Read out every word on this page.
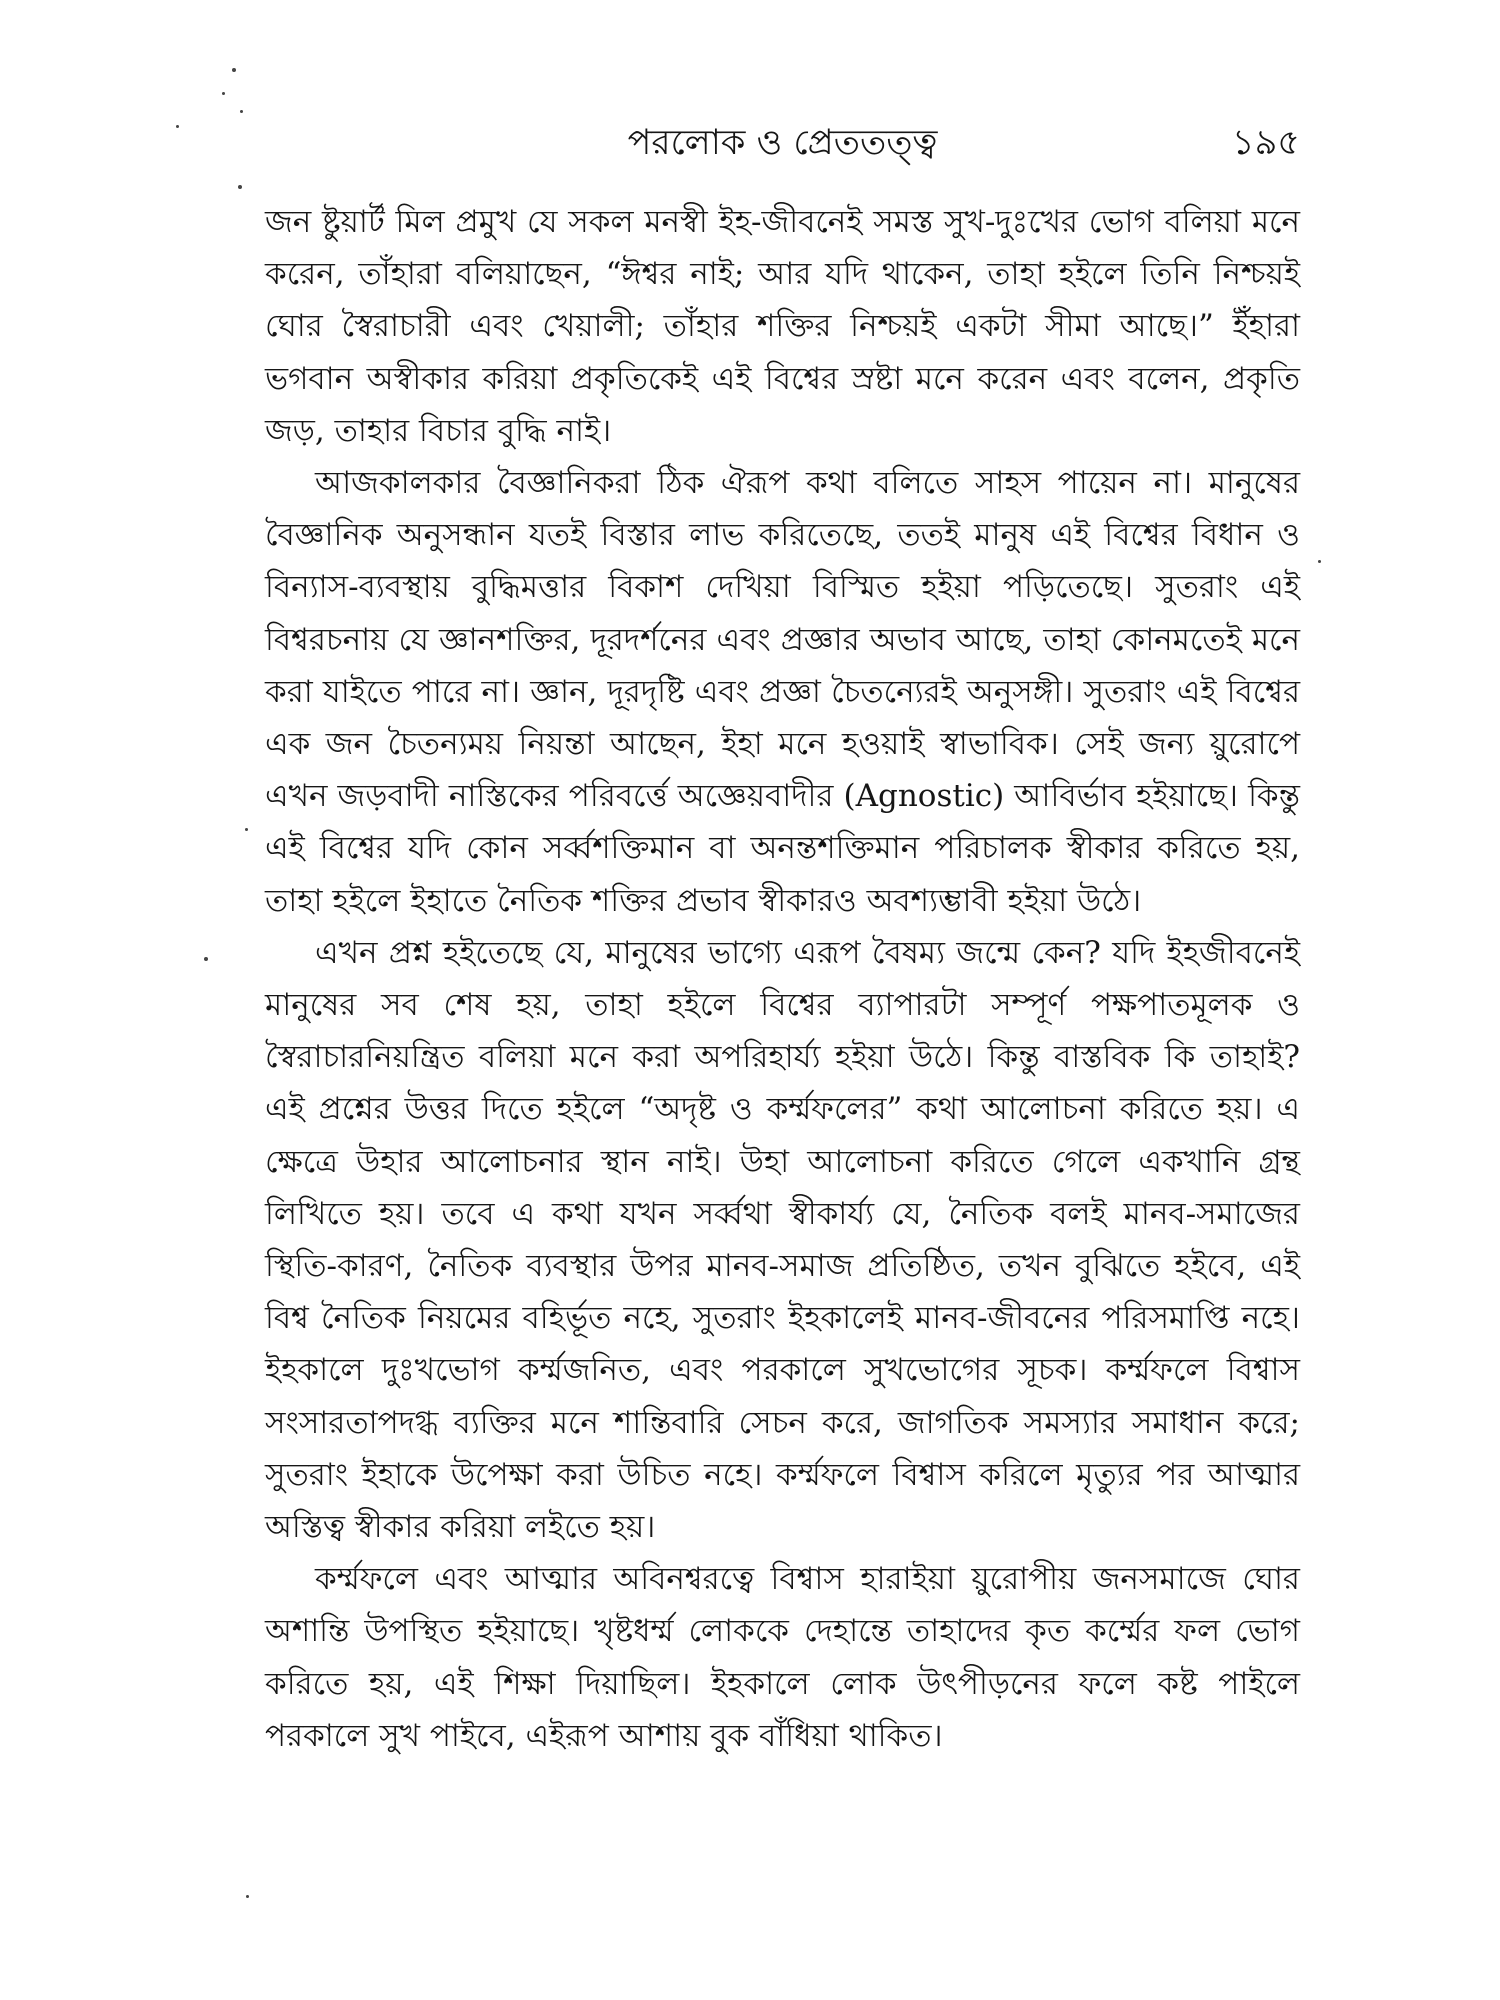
পরলোক ও প্রেততত্ত্ব	১৯৫

জন ষ্টুয়ার্ট মিল প্রমুখ যে সকল মনস্বী ইহ-জীবনেই সমস্ত সুখ-দুঃখের ভোগ বলিয়া মনে করেন, তাঁহারা বলিয়াছেন, “ঈশ্বর নাই; আর যদি থাকেন, তাহা হইলে তিনি নিশ্চয়ই ঘোর স্বৈরাচারী এবং খেয়ালী; তাঁহার শক্তির নিশ্চয়ই একটা সীমা আছে।” ইঁহারা ভগবান অস্বীকার করিয়া প্রকৃতিকেই এই বিশ্বের স্রষ্টা মনে করেন এবং বলেন, প্রকৃতি জড়, তাহার বিচার বুদ্ধি নাই।

আজকালকার বৈজ্ঞানিকরা ঠিক ঐরূপ কথা বলিতে সাহস পায়েন না। মানুষের বৈজ্ঞানিক অনুসন্ধান যতই বিস্তার লাভ করিতেছে, ততই মানুষ এই বিশ্বের বিধান ও বিন্যাস-ব্যবস্থায় বুদ্ধিমত্তার বিকাশ দেখিয়া বিস্মিত হইয়া পড়িতেছে। সুতরাং এই বিশ্বরচনায় যে জ্ঞানশক্তির, দূরদর্শনের এবং প্রজ্ঞার অভাব আছে, তাহা কোনমতেই মনে করা যাইতে পারে না। জ্ঞান, দূরদৃষ্টি এবং প্রজ্ঞা চৈতন্যেরই অনুসঙ্গী। সুতরাং এই বিশ্বের এক জন চৈতন্যময় নিয়ন্তা আছেন, ইহা মনে হওয়াই স্বাভাবিক। সেই জন্য য়ুরোপে এখন জড়বাদী নাস্তিকের পরিবর্ত্তে অজ্ঞেয়বাদীর (Agnostic) আবির্ভাব হইয়াছে। কিন্তু এই বিশ্বের যদি কোন সর্ব্বশক্তিমান বা অনন্তশক্তিমান পরিচালক স্বীকার করিতে হয়, তাহা হইলে ইহাতে নৈতিক শক্তির প্রভাব স্বীকারও অবশ্যম্ভাবী হইয়া উঠে।

এখন প্রশ্ন হইতেছে যে, মানুষের ভাগ্যে এরূপ বৈষম্য জন্মে কেন? যদি ইহজীবনেই মানুষের সব শেষ হয়, তাহা হইলে বিশ্বের ব্যাপারটা সম্পূর্ণ পক্ষপাতমূলক ও স্বৈরাচারনিয়ন্ত্রিত বলিয়া মনে করা অপরিহার্য্য হইয়া উঠে। কিন্তু বাস্তবিক কি তাহাই? এই প্রশ্নের উত্তর দিতে হইলে “অদৃষ্ট ও কর্ম্মফলের” কথা আলোচনা করিতে হয়। এ ক্ষেত্রে উহার আলোচনার স্থান নাই। উহা আলোচনা করিতে গেলে একখানি গ্রন্থ লিখিতে হয়। তবে এ কথা যখন সর্ব্বথা স্বীকার্য্য যে, নৈতিক বলই মানব-সমাজের স্থিতি-কারণ, নৈতিক ব্যবস্থার উপর মানব-সমাজ প্রতিষ্ঠিত, তখন বুঝিতে হইবে, এই বিশ্ব নৈতিক নিয়মের বহির্ভূত নহে, সুতরাং ইহকালেই মানব-জীবনের পরিসমাপ্তি নহে। ইহকালে দুঃখভোগ কর্ম্মজনিত, এবং পরকালে সুখভোগের সূচক। কর্ম্মফলে বিশ্বাস সংসারতাপদগ্ধ ব্যক্তির মনে শান্তিবারি সেচন করে, জাগতিক সমস্যার সমাধান করে; সুতরাং ইহাকে উপেক্ষা করা উচিত নহে। কর্ম্মফলে বিশ্বাস করিলে মৃত্যুর পর আত্মার অস্তিত্ব স্বীকার করিয়া লইতে হয়।

কর্ম্মফলে এবং আত্মার অবিনশ্বরত্বে বিশ্বাস হারাইয়া য়ুরোপীয় জনসমাজে ঘোর অশান্তি উপস্থিত হইয়াছে। খৃষ্টধর্ম্ম লোককে দেহান্তে তাহাদের কৃত কর্ম্মের ফল ভোগ করিতে হয়, এই শিক্ষা দিয়াছিল। ইহকালে লোক উৎপীড়নের ফলে কষ্ট পাইলে পরকালে সুখ পাইবে, এইরূপ আশায় বুক বাঁধিয়া থাকিত।
